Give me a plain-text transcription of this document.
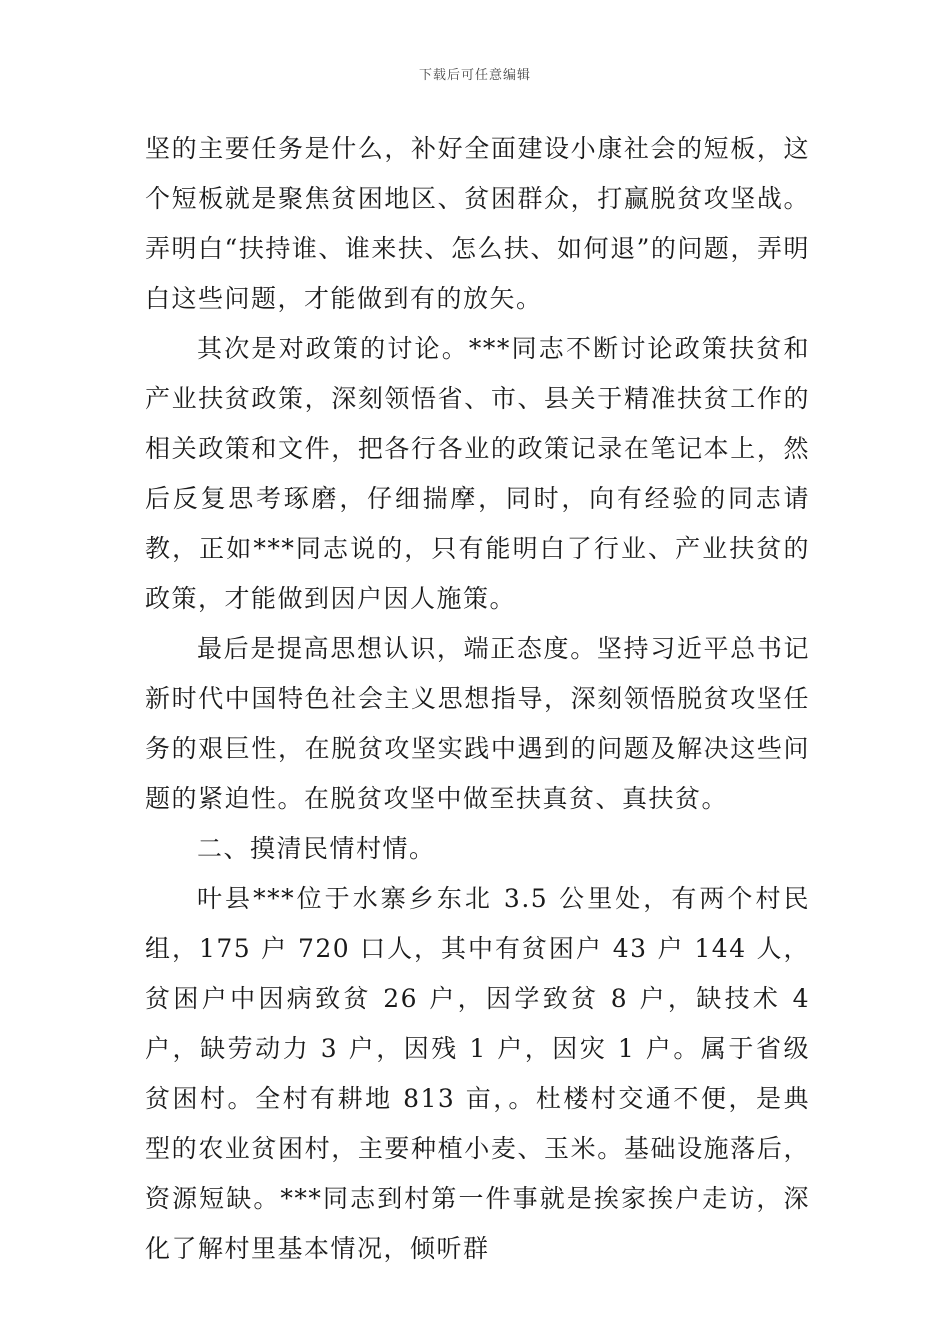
下载后可任意编辑

坚的主要任务是什么，补好全面建设小康社会的短板，这个短板就是聚焦贫困地区、贫困群众，打赢脱贫攻坚战。弄明白“扶持谁、谁来扶、怎么扶、如何退”的问题，弄明白这些问题，才能做到有的放矢。

其次是对政策的讨论。***同志不断讨论政策扶贫和产业扶贫政策，深刻领悟省、市、县关于精准扶贫工作的相关政策和文件，把各行各业的政策记录在笔记本上，然后反复思考琢磨，仔细揣摩，同时，向有经验的同志请教，正如***同志说的，只有能明白了行业、产业扶贫的政策，才能做到因户因人施策。

最后是提高思想认识，端正态度。坚持习近平总书记新时代中国特色社会主义思想指导，深刻领悟脱贫攻坚任务的艰巨性，在脱贫攻坚实践中遇到的问题及解决这些问题的紧迫性。在脱贫攻坚中做至扶真贫、真扶贫。

二、摸清民情村情。

叶县***位于水寨乡东北 3.5 公里处，有两个村民组，175 户 720 口人，其中有贫困户 43 户 144 人，贫困户中因病致贫 26 户，因学致贫 8 户，缺技术 4 户，缺劳动力 3 户，因残 1 户，因灾 1 户。属于省级贫困村。全村有耕地 813 亩，。杜楼村交通不便，是典型的农业贫困村，主要种植小麦、玉米。基础设施落后，资源短缺。***同志到村第一件事就是挨家挨户走访，深化了解村里基本情况，倾听群
